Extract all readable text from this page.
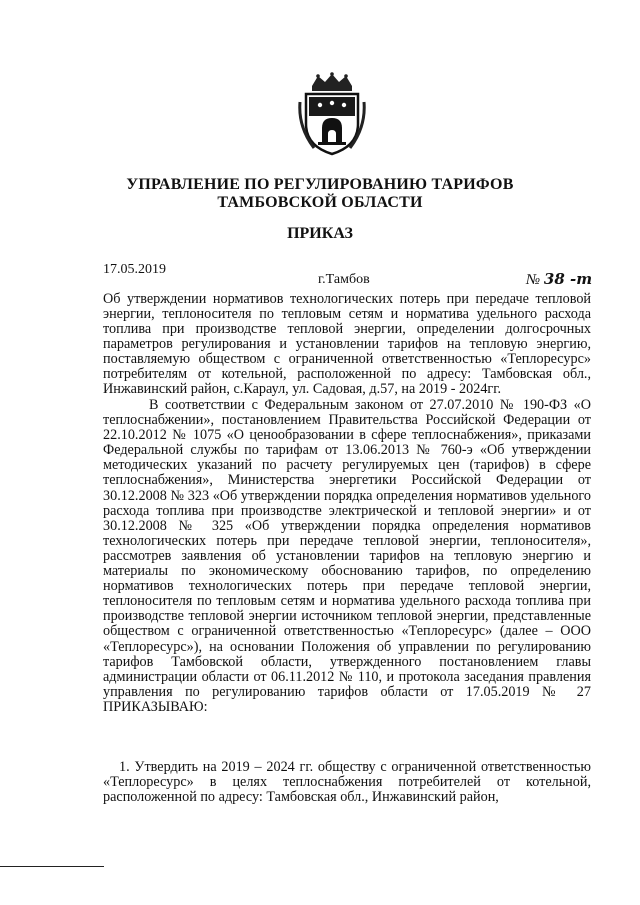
УПРАВЛЕНИЕ ПО РЕГУЛИРОВАНИЮ ТАРИФОВ
ТАМБОВСКОЙ ОБЛАСТИ
ПРИКАЗ
17.05.2019
г.Тамбов	№ 38 -т
Об утверждении нормативов технологических потерь при передаче тепловой энергии, теплоносителя по тепловым сетям и норматива удельного расхода топлива при производстве тепловой энергии, определении долгосрочных параметров регулирования и установлении тарифов на тепловую энергию, поставляемую обществом с ограниченной ответственностью «Теплоресурс» потребителям от котельной, расположенной по адресу: Тамбовская обл., Инжавинский район, с.Караул, ул. Садовая, д.57, на 2019 - 2024гг.

В соответствии с Федеральным законом от 27.07.2010 № 190-ФЗ «О теплоснабжении», постановлением Правительства Российской Федерации от 22.10.2012 № 1075 «О ценообразовании в сфере теплоснабжения», приказами Федеральной службы по тарифам от 13.06.2013 № 760-э «Об утверждении методических указаний по расчету регулируемых цен (тарифов) в сфере теплоснабжения», Министерства энергетики Российской Федерации от 30.12.2008 № 323 «Об утверждении порядка определения нормативов удельного расхода топлива при производстве электрической и тепловой энергии» и от 30.12.2008 № 325 «Об утверждении порядка определения нормативов технологических потерь при передаче тепловой энергии, теплоносителя», рассмотрев заявления об установлении тарифов на тепловую энергию и материалы по экономическому обоснованию тарифов, по определению нормативов технологических потерь при передаче тепловой энергии, теплоносителя по тепловым сетям и норматива удельного расхода топлива при производстве тепловой энергии источником тепловой энергии, представленные обществом с ограниченной ответственностью «Теплоресурс» (далее – ООО «Теплоресурс»), на основании Положения об управлении по регулированию тарифов Тамбовской области, утвержденного постановлением главы администрации области от 06.11.2012 № 110, и протокола заседания правления управления по регулированию тарифов области от 17.05.2019 № 27 ПРИКАЗЫВАЮ:

1. Утвердить на 2019 – 2024 гг. обществу с ограниченной ответственностью «Теплоресурс» в целях теплоснабжения потребителей от котельной, расположенной по адресу: Тамбовская обл., Инжавинский район,
